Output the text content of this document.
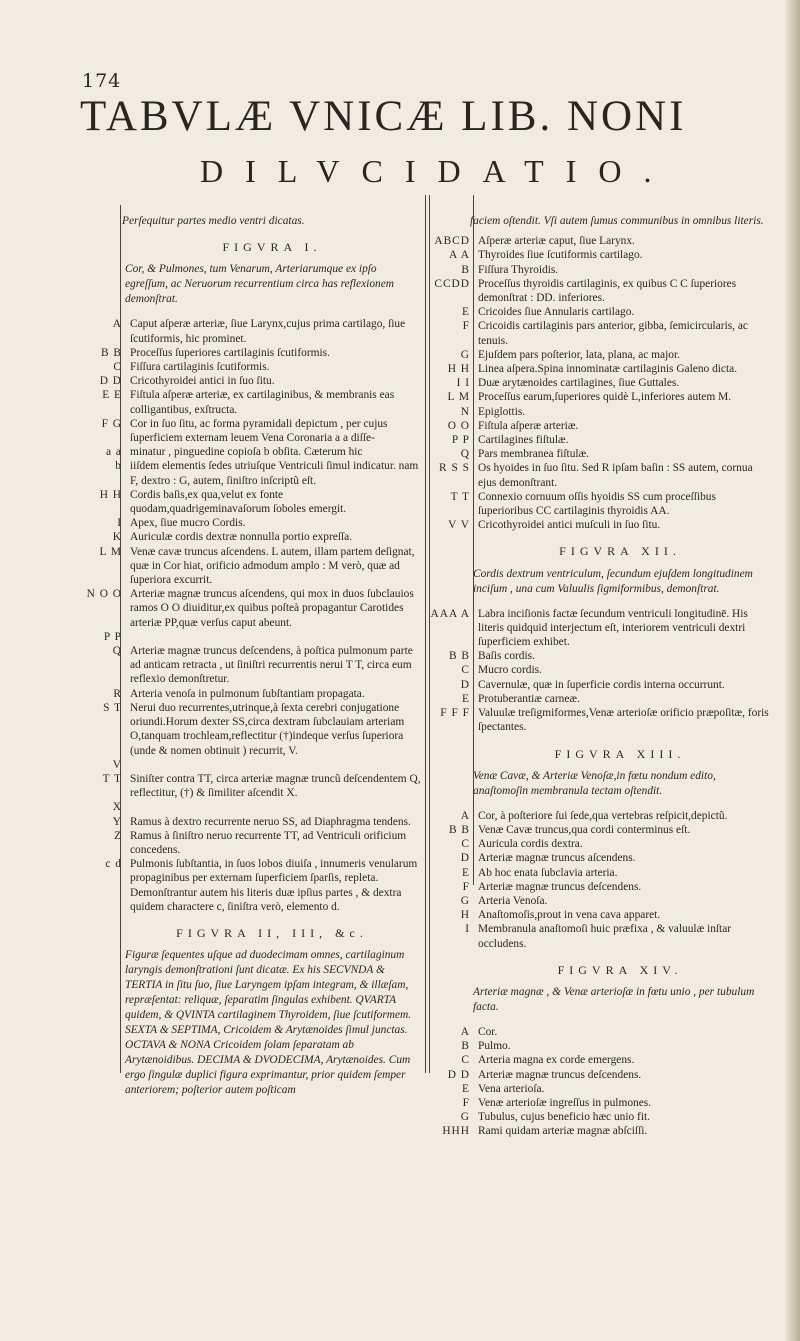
174
TABVLÆ VNICÆ LIB. NONI
DILVCIDATIO.
Perſequitur partes medio ventri dicatas.
FIGVRA I.
Cor, & Pulmones, tum Venarum, Arteriarumque ex ipſo egreſſum, ac Neruorum recurrentium circa has reflexionem demonſtrat.
A Caput aſperæ arteriæ, ſiue Larynx,cujus prima cartilago, ſiue ſcutiformis, hic prominet.
B B Proceſſus ſuperiores cartilaginis ſcutiformis.
C Fiſſura cartilaginis ſcutiformis.
D D Cricothyroidei antici in ſuo ſitu.
E E Fiſtula aſperæ arteriæ, ex cartilaginibus, & membranis eas colligantibus, exſtructa.
F G Cor in ſuo ſitu, ac forma pyramidali depictum , per cujus ſuperficiem externam leuem Vena Coronaria a a diſſe-
a a minatur , pinguedine copioſa b obſita. Cæterum hic
b iiſdem elementis ſedes utriuſque Ventriculi ſimul indicatur. nam F, dextro : G, autem, ſiniſtro inſcriptũ eſt.
H H Cordis baſis,ex qua,velut ex fonte quodam,quadrigeminavaſorum ſoboles emergit.
I Apex, ſiue mucro Cordis.
K Auriculæ cordis dextræ nonnulla portio expreſſa.
L M Venæ cavæ truncus aſcendens. L autem, illam partem deſignat, quæ in Cor hiat, orificio admodum amplo : M verò, quæ ad ſuperiora excurrit.
N O O Arteriæ magnæ truncus aſcendens, qui mox in duos ſubclauios ramos O O diuiditur,ex quibus poſteà propagantur Carotides arteriæ PP,quæ verſus caput abeunt.
P P
Q Arteriæ magnæ truncus deſcendens, à poſtica pulmonum parte ad anticam retracta , ut ſiniſtri recurrentis nerui T T, circa eum reflexio demonſtretur.
R Arteria venoſa in pulmonum ſubſtantiam propagata.
S T Nerui duo recurrentes,utrinque,à ſexta cerebri conjugatione oriundi.Horum dexter SS,circa dextram ſubclauiam arteriam O,tanquam trochleam,reflectitur (†)indeque verſus ſuperiora (unde & nomen obtinuit ) recurrit, V.
V
T T Siniſter contra TT, circa arteriæ magnæ truncũ deſcendentem Q, reflectitur, (†) & ſimiliter aſcendit X.
X
Y Ramus à dextro recurrente neruo SS, ad Diaphragma tendens.
Z Ramus à ſiniſtro neruo recurrente TT, ad Ventriculi orificium concedens.
c d Pulmonis ſubſtantia, in ſuos lobos diuiſa , innumeris venularum propaginibus per externam ſuperficiem ſparſis, repleta. Demonſtrantur autem his literis duæ ipſius partes , & dextra quidem charactere c, ſiniſtra verò, elemento d.
FIGVRA II, III, &c.
Figuræ ſequentes uſque ad duodecimam omnes, cartilaginum laryngis demonſtrationi ſunt dicatæ. Ex his SECVNDA & TERTIA in ſitu ſuo, ſiue Laryngem ipſam integram, & illæſam, repræſentat: reliquæ, ſeparatim ſingulas exhibent. QVARTA quidem, & QVINTA cartilaginem Thyroidem, ſiue ſcutiformem. SEXTA & SEPTIMA, Cricoidem & Arytænoides ſimul junctas. OCTAVA & NONA Cricoidem ſolam ſeparatam ab Arytænoidibus. DECIMA & DVODECIMA, Arytænoides. Cum ergo ſingulæ duplici figura exprimantur, prior quidem ſemper anteriorem; poſterior autem poſticam
faciem oſtendit. Vſi autem ſumus communibus in omnibus literis.
ABCD Aſperæ arteriæ caput, ſiue Larynx.
A A Thyroides ſiue ſcutiformis cartilago.
B Fiſſura Thyroidis.
CCDD Proceſſus thyroidis cartilaginis, ex quibus C C ſuperiores demonſtrat : DD. inferiores.
E Cricoides ſiue Annularis cartilago.
F Cricoidis cartilaginis pars anterior, gibba, ſemicircularis, ac tenuis.
G Ejuſdem pars poſterior, lata, plana, ac major.
H H Linea aſpera.Spina innominatæ cartilaginis Galeno dicta.
I I Duæ arytænoides cartilagines, ſiue Guttales.
L M Proceſſus earum,ſuperiores quidè L,inferiores autem M.
N Epiglottis.
O O Fiſtula aſperæ arteriæ.
P P Cartilagines fiſtulæ.
Q Pars membranea fiſtulæ.
R S S Os hyoides in ſuo ſitu. Sed R ipſam baſin : SS autem, cornua ejus demonſtrant.
T T Connexio cornuum oſſis hyoidis SS cum proceſſibus ſuperioribus CC cartilaginis thyroidis AA.
V V Cricothyroidei antici muſculi in ſuo ſitu.
FIGVRA XII.
Cordis dextrum ventriculum, ſecundum ejuſdem longitudinem inciſum , una cum Valuulis ſigmiformibus, demonſtrat.
AAA A Labra inciſionis factæ ſecundum ventriculi longitudinē. His literis quidquid interjectum eſt, interiorem ventriculi dextri ſuperficiem exhibet.
B B Baſis cordis.
C Mucro cordis.
D Cavernulæ, quæ in ſuperficie cordis interna occurrunt.
E Protuberantiæ carneæ.
F F F Valuulæ treſigmiformes,Venæ arterioſæ orificio præpoſitæ, foris ſpectantes.
FIGVRA XIII.
Venæ Cavæ, & Arteriæ Venoſæ,in fœtu nondum edito, anaſtomoſin membranula tectam oſtendit.
A Cor, à poſteriore ſui ſede,qua vertebras reſpicit,depictũ.
B B Venæ Cavæ truncus,qua cordi conterminus eſt.
C Auricula cordis dextra.
D Arteriæ magnæ truncus aſcendens.
E Ab hoc enata ſubclavia arteria.
F Arteriæ magnæ truncus deſcendens.
G Arteria Venoſa.
H Anaſtomoſis,prout in vena cava apparet.
I Membranula anaſtomoſi huic præfixa , & valuulæ inſtar occludens.
FIGVRA XIV.
Arteriæ magnæ , & Venæ arterioſæ in fœtu unio , per tubulum facta.
A Cor.
B Pulmo.
C Arteria magna ex corde emergens.
D D Arteriæ magnæ truncus deſcendens.
E Vena arterioſa.
F Venæ arterioſæ ingreſſus in pulmones.
G Tubulus, cujus beneficio hæc unio fit.
HHH Rami quidam arteriæ magnæ abſciſſi.
